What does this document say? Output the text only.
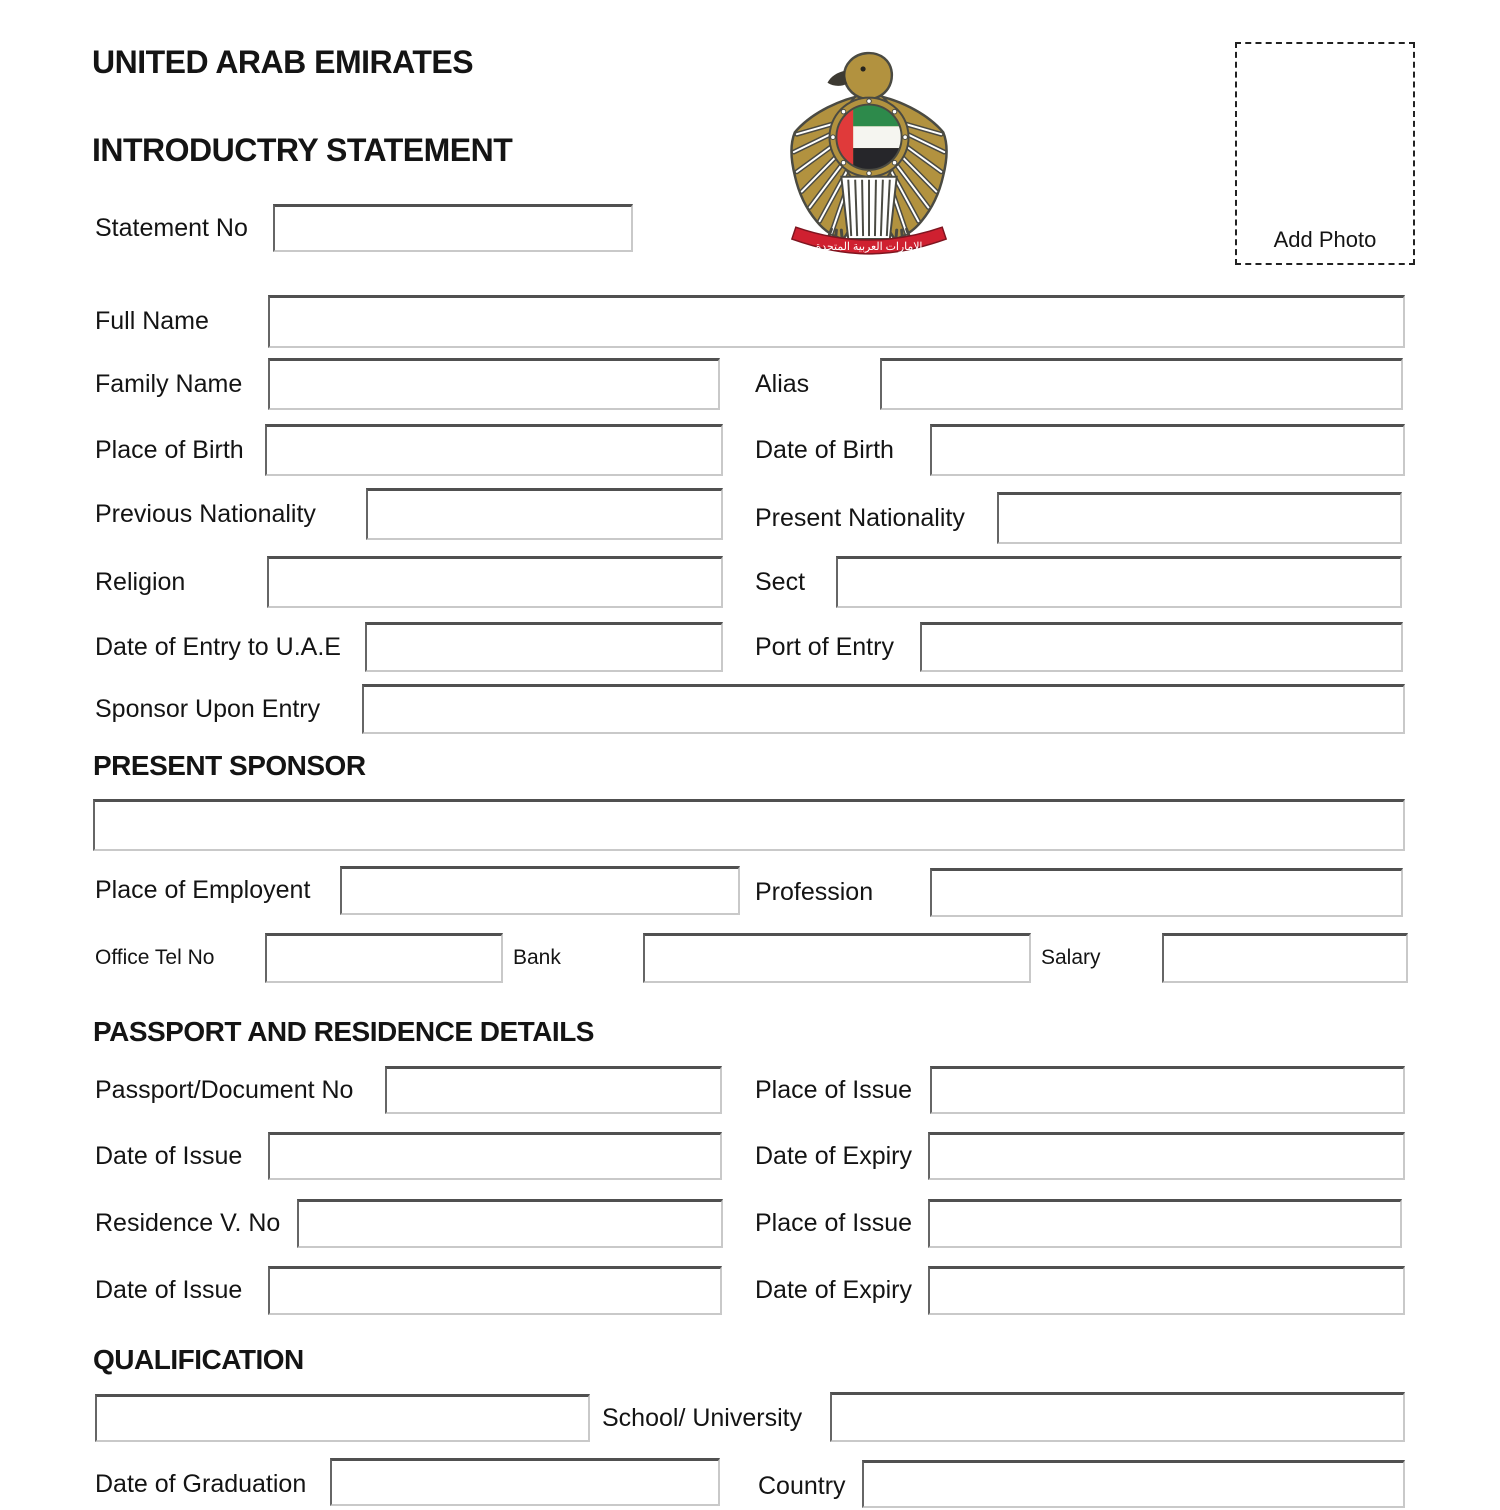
UNITED ARAB EMIRATES
INTRODUCTRY STATEMENT
Statement No
الامارات العربية المتحدة	Add Photo
Full Name
Family Name	Alias
Place of Birth	Date of Birth
Previous Nationality	Present Nationality
Religion	Sect
Date of Entry to U.A.E	Port of Entry
Sponsor Upon Entry
PRESENT SPONSOR
Place of Employent	Profession
Office Tel No	Bank	Salary
PASSPORT AND RESIDENCE DETAILS
Passport/Document No	Place of Issue
Date of Issue	Date of Expiry
Residence V. No	Place of Issue
Date of Issue	Date of Expiry
QUALIFICATION
School/ University
Date of Graduation	Country
